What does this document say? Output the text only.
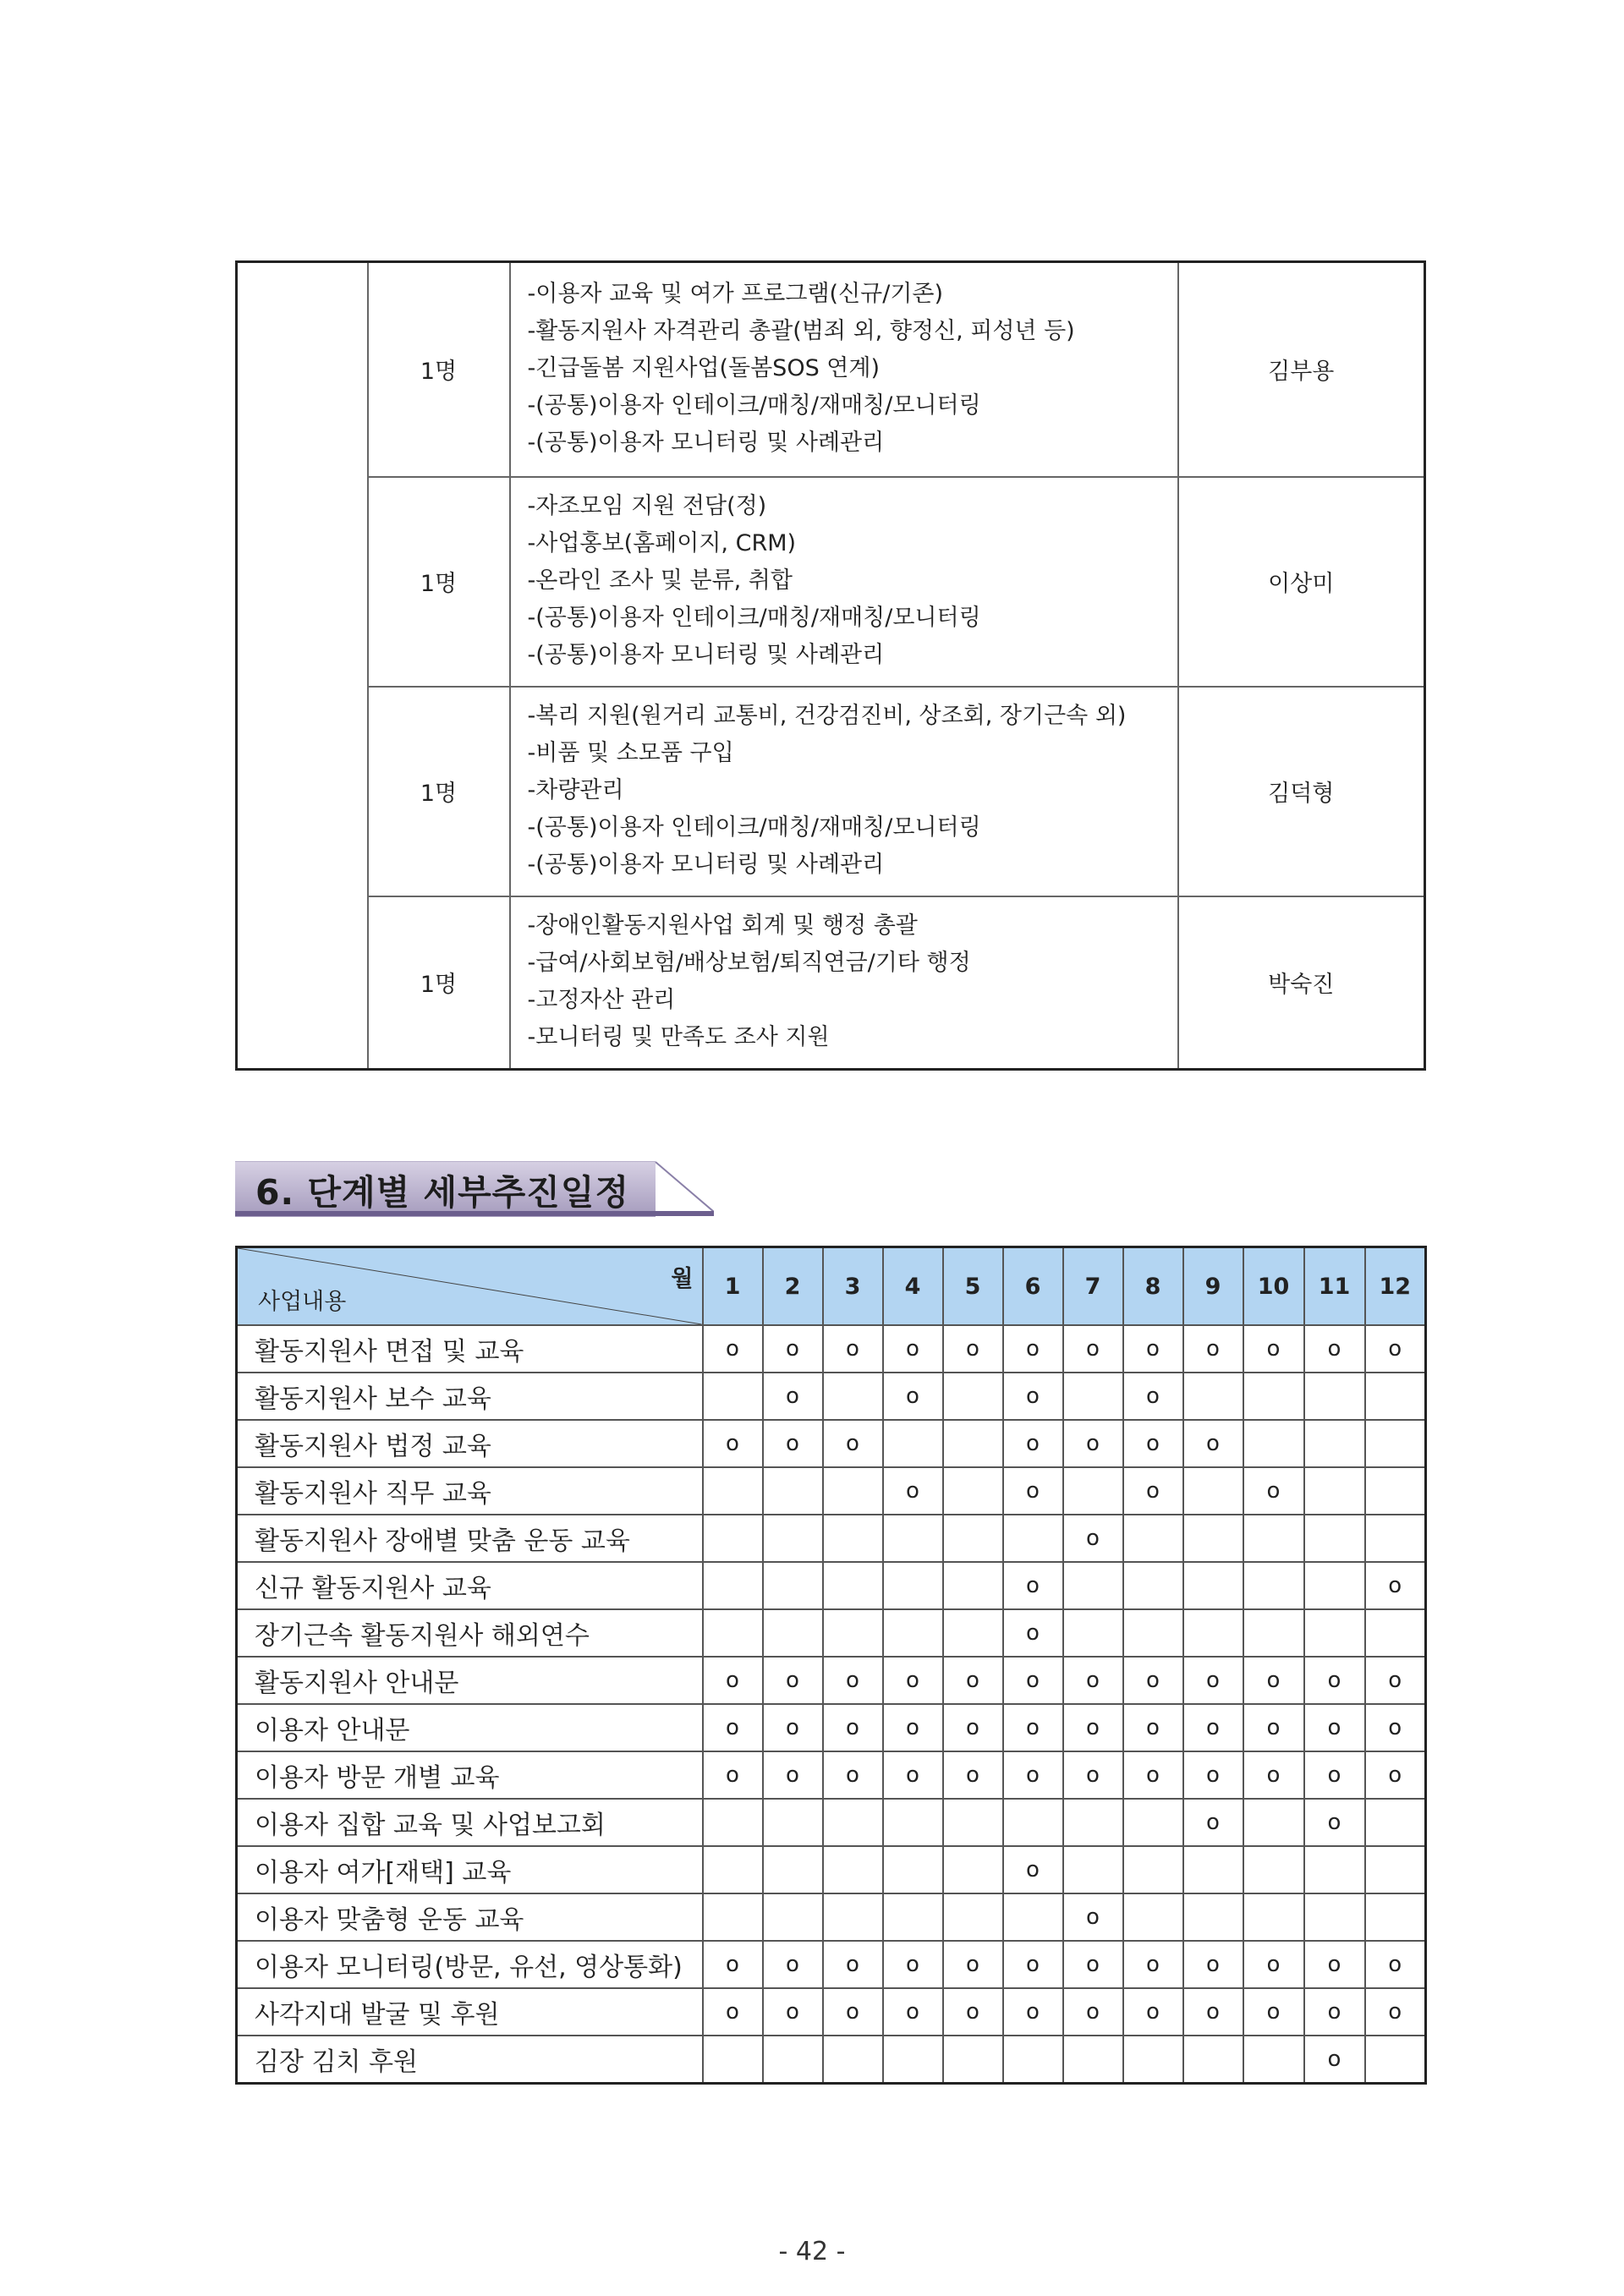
	1명	-이용자 교육 및 여가 프로그램(신규/기존)
-활동지원사 자격관리 총괄(범죄 외, 향정신, 피성년 등)
-긴급돌봄 지원사업(돌봄SOS 연계)
-(공통)이용자 인테이크/매칭/재매칭/모니터링
-(공통)이용자 모니터링 및 사례관리	김부용
	1명	-자조모임 지원 전담(정)
-사업홍보(홈페이지, CRM)
-온라인 조사 및 분류, 취합
-(공통)이용자 인테이크/매칭/재매칭/모니터링
-(공통)이용자 모니터링 및 사례관리	이상미
	1명	-복리 지원(원거리 교통비, 건강검진비, 상조회, 장기근속 외)
-비품 및 소모품 구입
-차량관리
-(공통)이용자 인테이크/매칭/재매칭/모니터링
-(공통)이용자 모니터링 및 사례관리	김덕형
	1명	-장애인활동지원사업 회계 및 행정 총괄
-급여/사회보험/배상보험/퇴직연금/기타 행정
-고정자산 관리
-모니터링 및 만족도 조사 지원	박숙진
6. 단계별 세부추진일정
월
사업내용	1	2	3	4	5	6	7	8	9	10	11	12
활동지원사 면접 및 교육	o	o	o	o	o	o	o	o	o	o	o	o
활동지원사 보수 교육		o		o		o		o				
활동지원사 법정 교육	o	o	o			o	o	o	o			
활동지원사 직무 교육				o		o		o		o		
활동지원사 장애별 맞춤 운동 교육							o					
신규 활동지원사 교육						o						o
장기근속 활동지원사 해외연수						o						
활동지원사 안내문	o	o	o	o	o	o	o	o	o	o	o	o
이용자 안내문	o	o	o	o	o	o	o	o	o	o	o	o
이용자 방문 개별 교육	o	o	o	o	o	o	o	o	o	o	o	o
이용자 집합 교육 및 사업보고회									o		o	
이용자 여가[재택] 교육						o						
이용자 맞춤형 운동 교육							o					
이용자 모니터링(방문, 유선, 영상통화)	o	o	o	o	o	o	o	o	o	o	o	o
사각지대 발굴 및 후원	o	o	o	o	o	o	o	o	o	o	o	o
김장 김치 후원											o	
- 42 -
